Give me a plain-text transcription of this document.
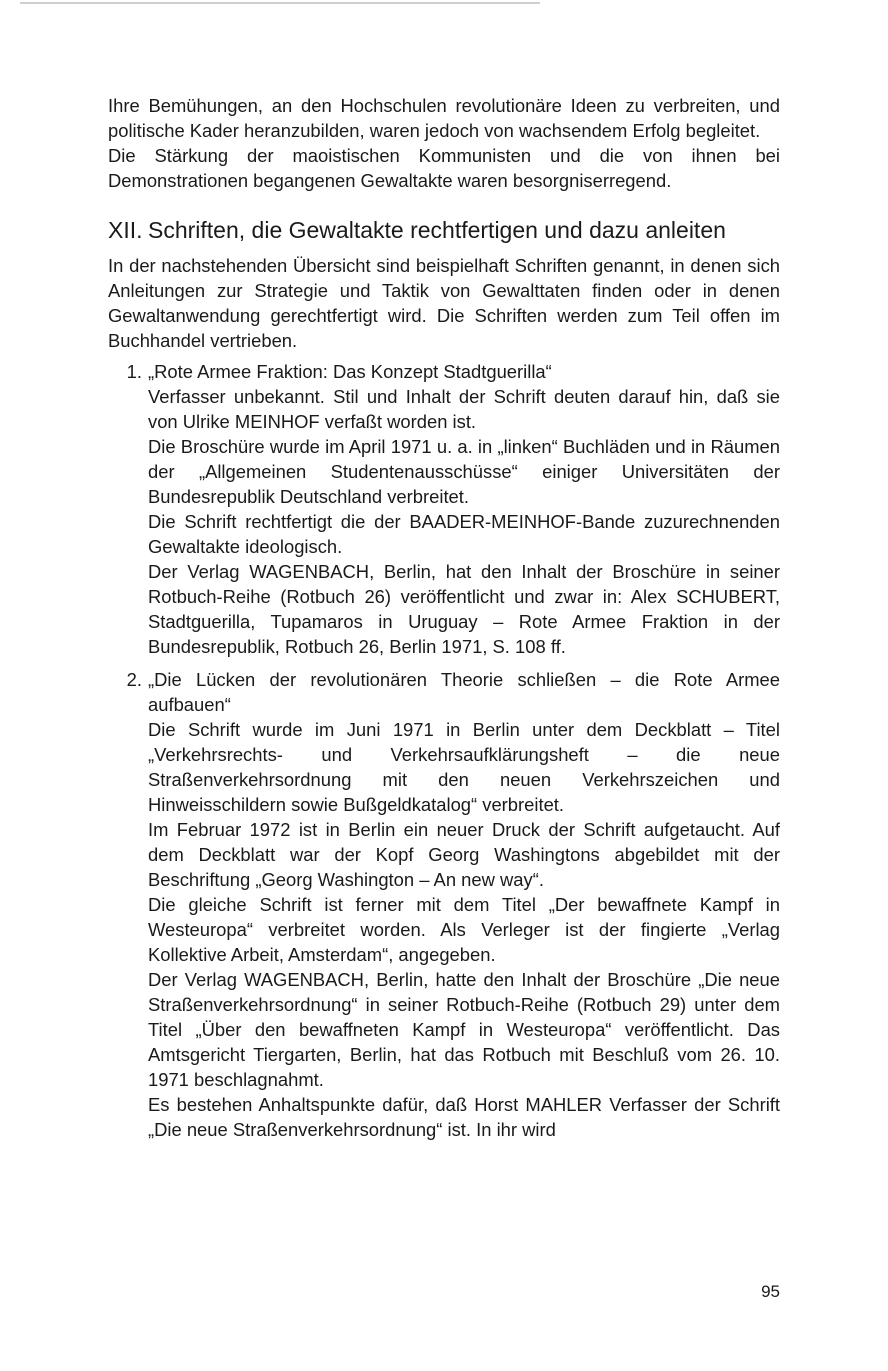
Ihre Bemühungen, an den Hochschulen revolutionäre Ideen zu verbreiten, und politische Kader heranzubilden, waren jedoch von wachsendem Erfolg begleitet.

Die Stärkung der maoistischen Kommunisten und die von ihnen bei Demonstrationen begangenen Gewaltakte waren besorgniserregend.

XII. Schriften, die Gewaltakte rechtfertigen und dazu anleiten

In der nachstehenden Übersicht sind beispielhaft Schriften genannt, in denen sich Anleitungen zur Strategie und Taktik von Gewalttaten finden oder in denen Gewaltanwendung gerechtfertigt wird. Die Schriften werden zum Teil offen im Buchhandel vertrieben.

1. „Rote Armee Fraktion: Das Konzept Stadtguerilla“

Verfasser unbekannt. Stil und Inhalt der Schrift deuten darauf hin, daß sie von Ulrike MEINHOF verfaßt worden ist.

Die Broschüre wurde im April 1971 u. a. in „linken“ Buchläden und in Räumen der „Allgemeinen Studentenausschüsse“ einiger Universitäten der Bundesrepublik Deutschland verbreitet.

Die Schrift rechtfertigt die der BAADER-MEINHOF-Bande zuzurechnenden Gewaltakte ideologisch.

Der Verlag WAGENBACH, Berlin, hat den Inhalt der Broschüre in seiner Rotbuch-Reihe (Rotbuch 26) veröffentlicht und zwar in: Alex SCHUBERT, Stadtguerilla, Tupamaros in Uruguay – Rote Armee Fraktion in der Bundesrepublik, Rotbuch 26, Berlin 1971, S. 108 ff.

2. „Die Lücken der revolutionären Theorie schließen – die Rote Armee aufbauen“

Die Schrift wurde im Juni 1971 in Berlin unter dem Deckblatt – Titel „Verkehrsrechts- und Verkehrsaufklärungsheft – die neue Straßenverkehrsordnung mit den neuen Verkehrszeichen und Hinweisschildern sowie Bußgeldkatalog“ verbreitet.

Im Februar 1972 ist in Berlin ein neuer Druck der Schrift aufgetaucht. Auf dem Deckblatt war der Kopf Georg Washingtons abgebildet mit der Beschriftung „Georg Washington – An new way“.

Die gleiche Schrift ist ferner mit dem Titel „Der bewaffnete Kampf in Westeuropa“ verbreitet worden. Als Verleger ist der fingierte „Verlag Kollektive Arbeit, Amsterdam“, angegeben.

Der Verlag WAGENBACH, Berlin, hatte den Inhalt der Broschüre „Die neue Straßenverkehrsordnung“ in seiner Rotbuch-Reihe (Rotbuch 29) unter dem Titel „Über den bewaffneten Kampf in Westeuropa“ veröffentlicht. Das Amtsgericht Tiergarten, Berlin, hat das Rotbuch mit Beschluß vom 26. 10. 1971 beschlagnahmt.

Es bestehen Anhaltspunkte dafür, daß Horst MAHLER Verfasser der Schrift „Die neue Straßenverkehrsordnung“ ist. In ihr wird

95
